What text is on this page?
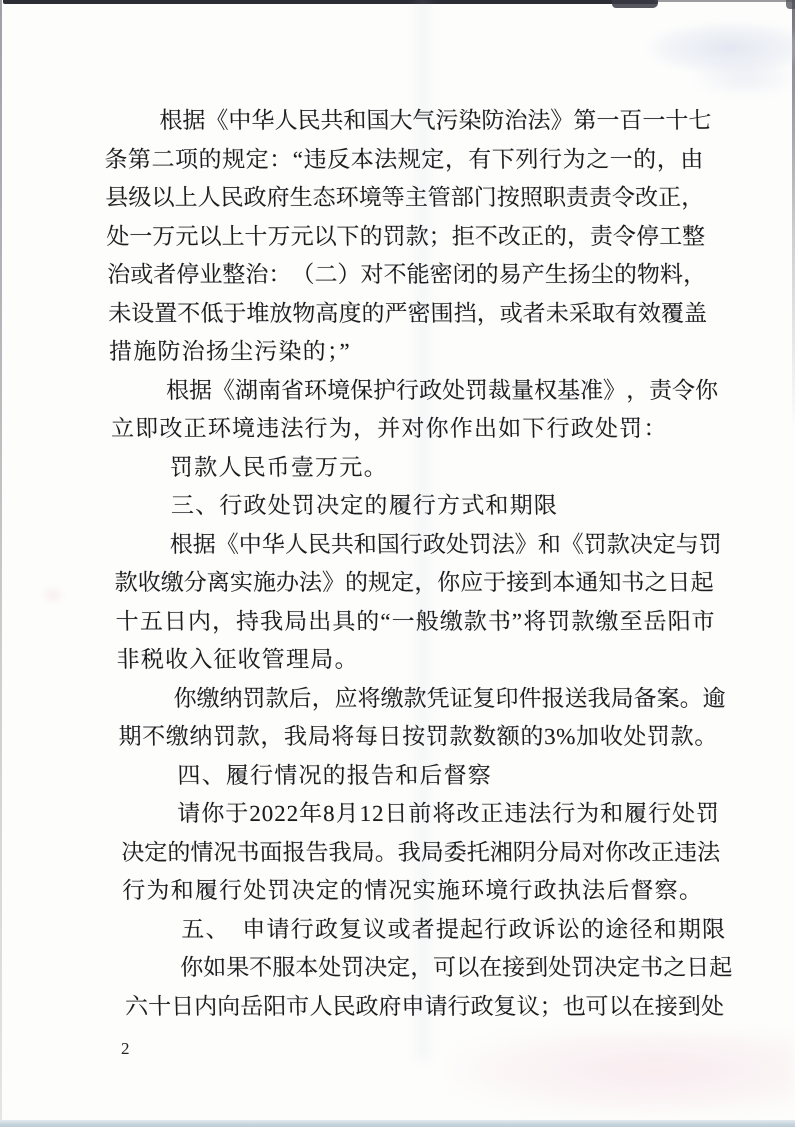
根 据 《 中 华 人 民 共 和 国 大 气 污 染 防 治 法 》 第 一 百 一 十 七
条 第 二 项 的 规 定 ： “ 违 反 本 法 规 定 ， 有 下 列 行 为 之 一 的 ， 由
县 级 以 上 人 民 政 府 生 态 环 境 等 主 管 部 门 按 照 职 责 责 令 改 正 ，
处 一 万 元 以 上 十 万 元 以 下 的 罚 款 ； 拒 不 改 正 的 ， 责 令 停 工 整
治 或 者 停 业 整 治 ： （ 二 ） 对 不 能 密 闭 的 易 产 生 扬 尘 的 物 料 ，
未 设 置 不 低 于 堆 放 物 高 度 的 严 密 围 挡 ， 或 者 未 采 取 有 效 覆 盖
措施防治扬尘污染的；”
根 据 《 湖 南 省 环 境 保 护 行 政 处 罚 裁 量 权 基 准 》 ， 责 令 你
立即改正环境违法行为，并对你作出如下行政处罚：
罚款人民币壹万元。
三、行政处罚决定的履行方式和期限
根 据 《 中 华 人 民 共 和 国 行 政 处 罚 法 》 和 《 罚 款 决 定 与 罚
款 收 缴 分 离 实 施 办 法 》 的 规 定 ， 你 应 于 接 到 本 通 知 书 之 日 起
十 五 日 内 ， 持 我 局 出 具 的 “ 一 般 缴 款 书 ” 将 罚 款 缴 至 岳 阳 市
非税收入征收管理局。
你 缴 纳 罚 款 后 ， 应 将 缴 款 凭 证 复 印 件 报 送 我 局 备 案 。 逾
期 不 缴 纳 罚 款 ， 我 局 将 每 日 按 罚 款 数 额 的 3 % 加 收 处 罚 款 。
四、履行情况的报告和后督察
请 你 于 2 0 2 2 年 8 月 1 2 日 前 将 改 正 违 法 行 为 和 履 行 处 罚
决 定 的 情 况 书 面 报 告 我 局 。 我 局 委 托 湘 阴 分 局 对 你 改 正 违 法
行为和履行处罚决定的情况实施环境行政执法后督察。
五、　申请行政复议或者提起行政诉讼的途径和期限
你 如 果 不 服 本 处 罚 决 定 ， 可 以 在 接 到 处 罚 决 定 书 之 日 起
六 十 日 内 向 岳 阳 市 人 民 政 府 申 请 行 政 复 议 ； 也 可 以 在 接 到 处
2
